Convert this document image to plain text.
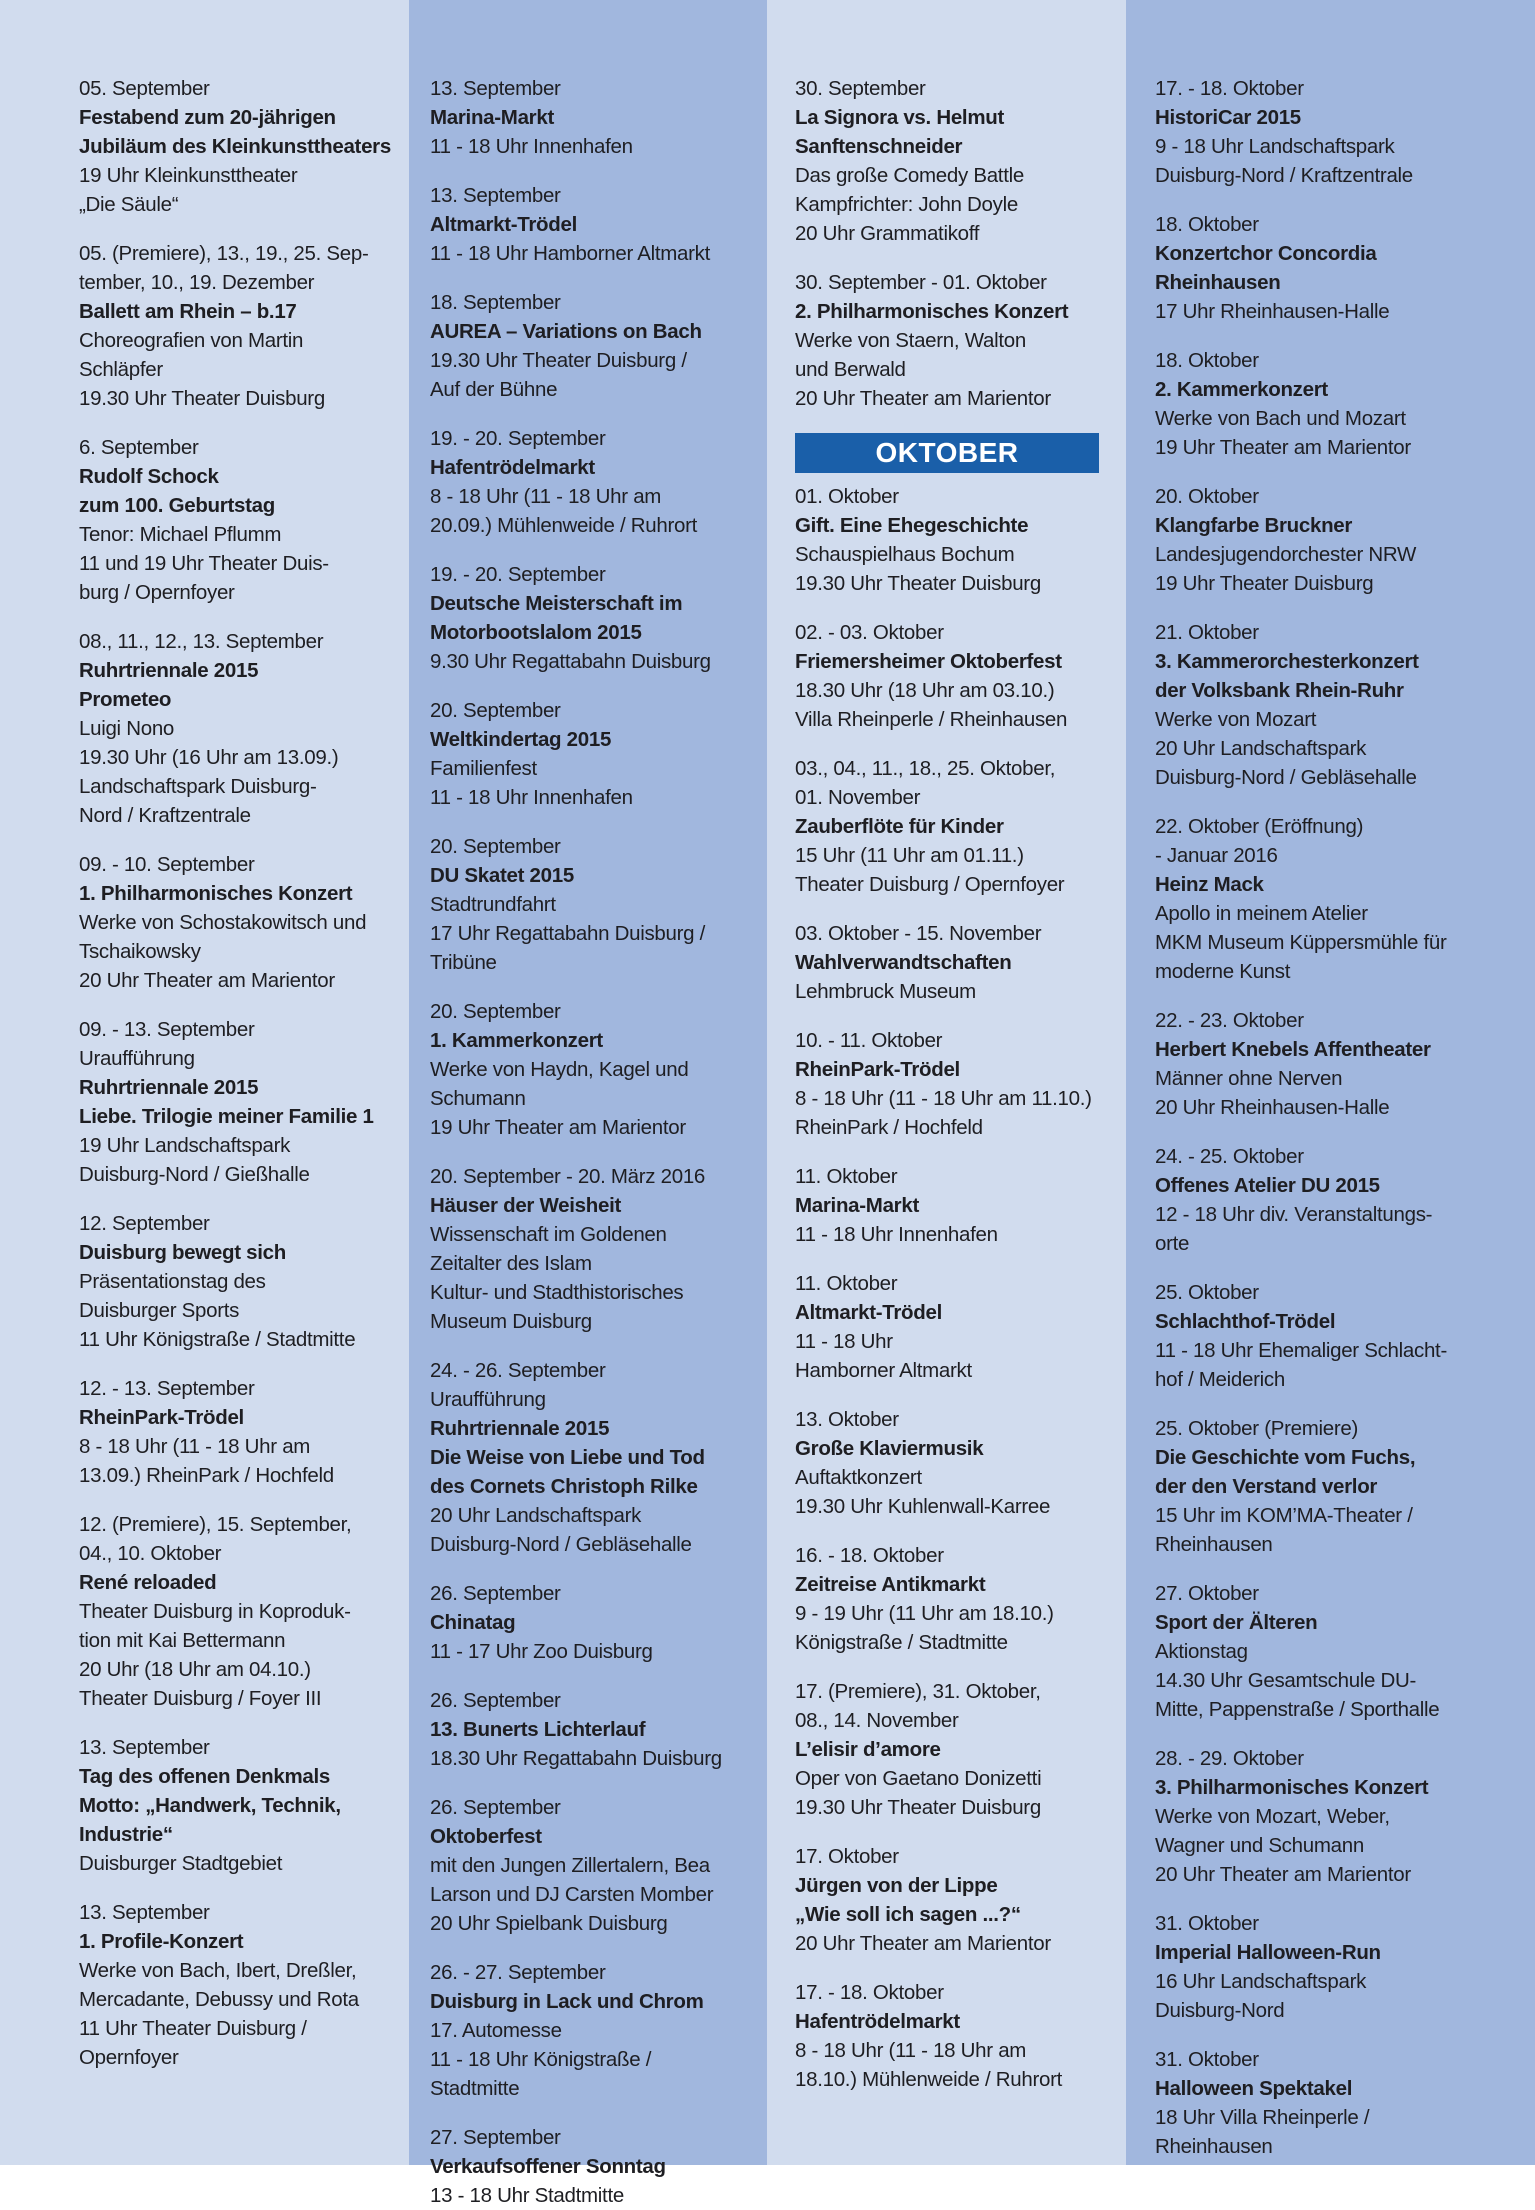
05. September
Festabend zum 20-jährigen
Jubiläum des Kleinkunsttheaters
19 Uhr Kleinkunsttheater
„Die Säule“
05. (Premiere), 13., 19., 25. Sep-
tember, 10., 19. Dezember
Ballett am Rhein – b.17
Choreografien von Martin
Schläpfer
19.30 Uhr Theater Duisburg
6. September
Rudolf Schock
zum 100. Geburtstag
Tenor: Michael Pflumm
11 und 19 Uhr Theater Duis-
burg / Opernfoyer
08., 11., 12., 13. September
Ruhrtriennale 2015
Prometeo
Luigi Nono
19.30 Uhr (16 Uhr am 13.09.)
Landschaftspark Duisburg-
Nord / Kraftzentrale
09. - 10. September
1. Philharmonisches Konzert
Werke von Schostakowitsch und
Tschaikowsky
20 Uhr Theater am Marientor
09. - 13. September
Uraufführung
Ruhrtriennale 2015
Liebe. Trilogie meiner Familie 1
19 Uhr Landschaftspark
Duisburg-Nord / Gießhalle
12. September
Duisburg bewegt sich
Präsentationstag des
Duisburger Sports
11 Uhr Königstraße / Stadtmitte
12. - 13. September
RheinPark-Trödel
8 - 18 Uhr (11 - 18 Uhr am
13.09.) RheinPark / Hochfeld
12. (Premiere), 15. September,
04., 10. Oktober
René reloaded
Theater Duisburg in Koproduk-
tion mit Kai Bettermann
20 Uhr (18 Uhr am 04.10.)
Theater Duisburg / Foyer III
13. September
Tag des offenen Denkmals
Motto: „Handwerk, Technik,
Industrie“
Duisburger Stadtgebiet
13. September
1. Profile-Konzert
Werke von Bach, Ibert, Dreßler,
Mercadante, Debussy und Rota
11 Uhr Theater Duisburg /
Opernfoyer
13. September
Marina-Markt
11 - 18 Uhr Innenhafen
13. September
Altmarkt-Trödel
11 - 18 Uhr Hamborner Altmarkt
18. September
AUREA – Variations on Bach
19.30 Uhr Theater Duisburg /
Auf der Bühne
19. - 20. September
Hafentrödelmarkt
8 - 18 Uhr (11 - 18 Uhr am
20.09.) Mühlenweide / Ruhrort
19. - 20. September
Deutsche Meisterschaft im
Motorbootslalom 2015
9.30 Uhr Regattabahn Duisburg
20. September
Weltkindertag 2015
Familienfest
11 - 18 Uhr Innenhafen
20. September
DU Skatet 2015
Stadtrundfahrt
17 Uhr Regattabahn Duisburg /
Tribüne
20. September
1. Kammerkonzert
Werke von Haydn, Kagel und
Schumann
19 Uhr Theater am Marientor
20. September - 20. März 2016
Häuser der Weisheit
Wissenschaft im Goldenen
Zeitalter des Islam
Kultur- und Stadthistorisches
Museum Duisburg
24. - 26. September
Uraufführung
Ruhrtriennale 2015
Die Weise von Liebe und Tod
des Cornets Christoph Rilke
20 Uhr Landschaftspark
Duisburg-Nord / Gebläsehalle
26. September
Chinatag
11 - 17 Uhr Zoo Duisburg
26. September
13. Bunerts Lichterlauf
18.30 Uhr Regattabahn Duisburg
26. September
Oktoberfest
mit den Jungen Zillertalern, Bea
Larson und DJ Carsten Momber
20 Uhr Spielbank Duisburg
26. - 27. September
Duisburg in Lack und Chrom
17. Automesse
11 - 18 Uhr Königstraße /
Stadtmitte
27. September
Verkaufsoffener Sonntag
13 - 18 Uhr Stadtmitte
30. September
La Signora vs. Helmut
Sanftenschneider
Das große Comedy Battle
Kampfrichter: John Doyle
20 Uhr Grammatikoff
30. September - 01. Oktober
2. Philharmonisches Konzert
Werke von Staern, Walton
und Berwald
20 Uhr Theater am Marientor
OKTOBER
01. Oktober
Gift. Eine Ehegeschichte
Schauspielhaus Bochum
19.30 Uhr Theater Duisburg
02. - 03. Oktober
Friemersheimer Oktoberfest
18.30 Uhr (18 Uhr am 03.10.)
Villa Rheinperle / Rheinhausen
03., 04., 11., 18., 25. Oktober,
01. November
Zauberflöte für Kinder
15 Uhr (11 Uhr am 01.11.)
Theater Duisburg / Opernfoyer
03. Oktober - 15. November
Wahlverwandtschaften
Lehmbruck Museum
10. - 11. Oktober
RheinPark-Trödel
8 - 18 Uhr (11 - 18 Uhr am 11.10.)
RheinPark / Hochfeld
11. Oktober
Marina-Markt
11 - 18 Uhr Innenhafen
11. Oktober
Altmarkt-Trödel
11 - 18 Uhr
Hamborner Altmarkt
13. Oktober
Große Klaviermusik
Auftaktkonzert
19.30 Uhr Kuhlenwall-Karree
16. - 18. Oktober
Zeitreise Antikmarkt
9 - 19 Uhr (11 Uhr am 18.10.)
Königstraße / Stadtmitte
17. (Premiere), 31. Oktober,
08., 14. November
L’elisir d’amore
Oper von Gaetano Donizetti
19.30 Uhr Theater Duisburg
17. Oktober
Jürgen von der Lippe
„Wie soll ich sagen ...?“
20 Uhr Theater am Marientor
17. - 18. Oktober
Hafentrödelmarkt
8 - 18 Uhr (11 - 18 Uhr am
18.10.) Mühlenweide / Ruhrort
17. - 18. Oktober
HistoriCar 2015
9 - 18 Uhr Landschaftspark
Duisburg-Nord / Kraftzentrale
18. Oktober
Konzertchor Concordia
Rheinhausen
17 Uhr Rheinhausen-Halle
18. Oktober
2. Kammerkonzert
Werke von Bach und Mozart
19 Uhr Theater am Marientor
20. Oktober
Klangfarbe Bruckner
Landesjugendorchester NRW
19 Uhr Theater Duisburg
21. Oktober
3. Kammerorchesterkonzert
der Volksbank Rhein-Ruhr
Werke von Mozart
20 Uhr Landschaftspark
Duisburg-Nord / Gebläsehalle
22. Oktober (Eröffnung)
- Januar 2016
Heinz Mack
Apollo in meinem Atelier
MKM Museum Küppersmühle für
moderne Kunst
22. - 23. Oktober
Herbert Knebels Affentheater
Männer ohne Nerven
20 Uhr Rheinhausen-Halle
24. - 25. Oktober
Offenes Atelier DU 2015
12 - 18 Uhr div. Veranstaltungs-
orte
25. Oktober
Schlachthof-Trödel
11 - 18 Uhr Ehemaliger Schlacht-
hof / Meiderich
25. Oktober (Premiere)
Die Geschichte vom Fuchs,
der den Verstand verlor
15 Uhr im KOM’MA-Theater /
Rheinhausen
27. Oktober
Sport der Älteren
Aktionstag
14.30 Uhr Gesamtschule DU-
Mitte, Pappenstraße / Sporthalle
28. - 29. Oktober
3. Philharmonisches Konzert
Werke von Mozart, Weber,
Wagner und Schumann
20 Uhr Theater am Marientor
31. Oktober
Imperial Halloween-Run
16 Uhr Landschaftspark
Duisburg-Nord
31. Oktober
Halloween Spektakel
18 Uhr Villa Rheinperle /
Rheinhausen
